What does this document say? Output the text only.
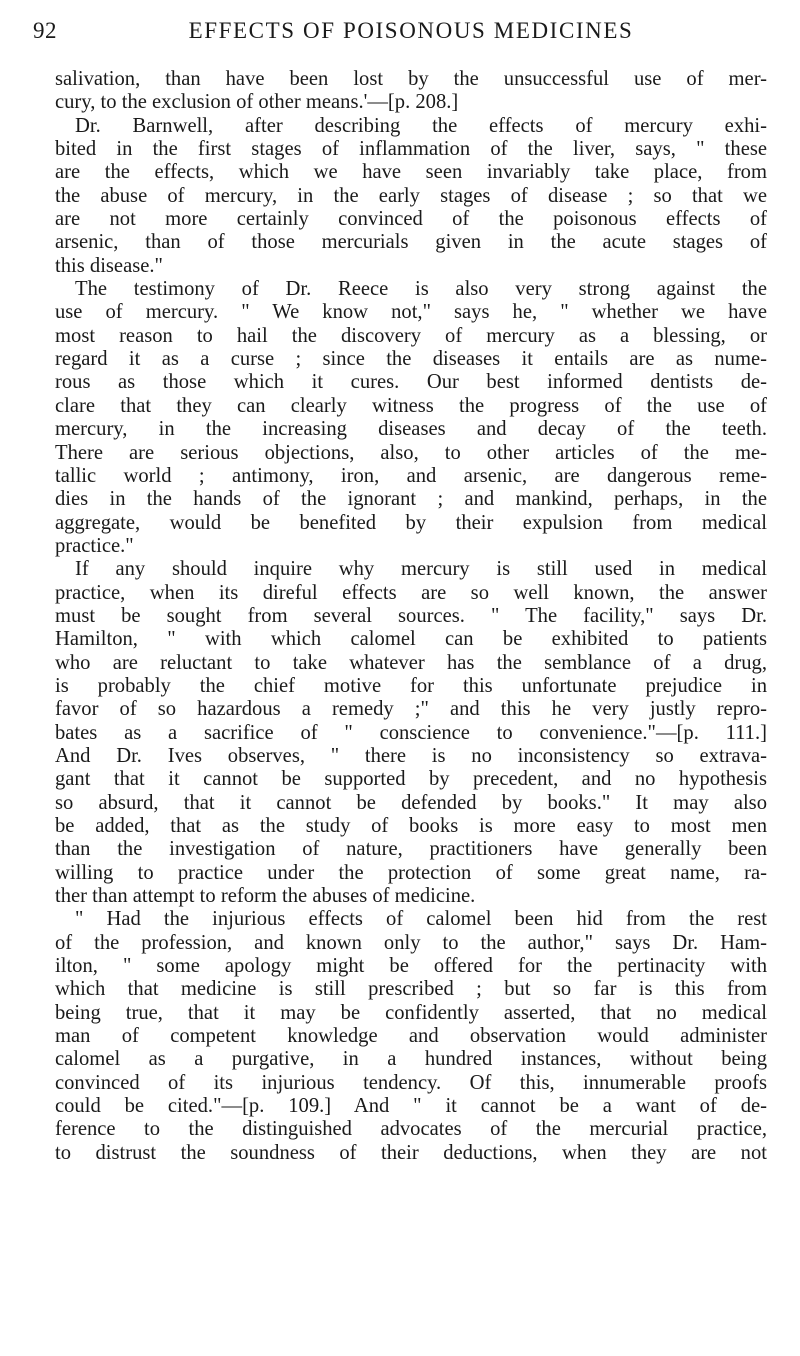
92	EFFECTS OF POISONOUS MEDICINES
salivation, than have been lost by the unsuccessful use of mer-
cury, to the exclusion of other means.'—[p. 208.]
Dr. Barnwell, after describing the effects of mercury exhi-
bited in the first stages of inflammation of the liver, says, " these
are the effects, which we have seen invariably take place, from
the abuse of mercury, in the early stages of disease ; so that we
are not more certainly convinced of the poisonous effects of
arsenic, than of those mercurials given in the acute stages of
this disease."
The testimony of Dr. Reece is also very strong against the
use of mercury. " We know not," says he, " whether we have
most reason to hail the discovery of mercury as a blessing, or
regard it as a curse ; since the diseases it entails are as nume-
rous as those which it cures. Our best informed dentists de-
clare that they can clearly witness the progress of the use of
mercury, in the increasing diseases and decay of the teeth.
There are serious objections, also, to other articles of the me-
tallic world ; antimony, iron, and arsenic, are dangerous reme-
dies in the hands of the ignorant ; and mankind, perhaps, in the
aggregate, would be benefited by their expulsion from medical
practice."
If any should inquire why mercury is still used in medical
practice, when its direful effects are so well known, the answer
must be sought from several sources. " The facility," says Dr.
Hamilton, " with which calomel can be exhibited to patients
who are reluctant to take whatever has the semblance of a drug,
is probably the chief motive for this unfortunate prejudice in
favor of so hazardous a remedy ;" and this he very justly repro-
bates as a sacrifice of " conscience to convenience."—[p. 111.]
And Dr. Ives observes, " there is no inconsistency so extrava-
gant that it cannot be supported by precedent, and no hypothesis
so absurd, that it cannot be defended by books." It may also
be added, that as the study of books is more easy to most men
than the investigation of nature, practitioners have generally been
willing to practice under the protection of some great name, ra-
ther than attempt to reform the abuses of medicine.
" Had the injurious effects of calomel been hid from the rest
of the profession, and known only to the author," says Dr. Ham-
ilton, " some apology might be offered for the pertinacity with
which that medicine is still prescribed ; but so far is this from
being true, that it may be confidently asserted, that no medical
man of competent knowledge and observation would administer
calomel as a purgative, in a hundred instances, without being
convinced of its injurious tendency. Of this, innumerable proofs
could be cited."—[p. 109.] And " it cannot be a want of de-
ference to the distinguished advocates of the mercurial practice,
to distrust the soundness of their deductions, when they are not
